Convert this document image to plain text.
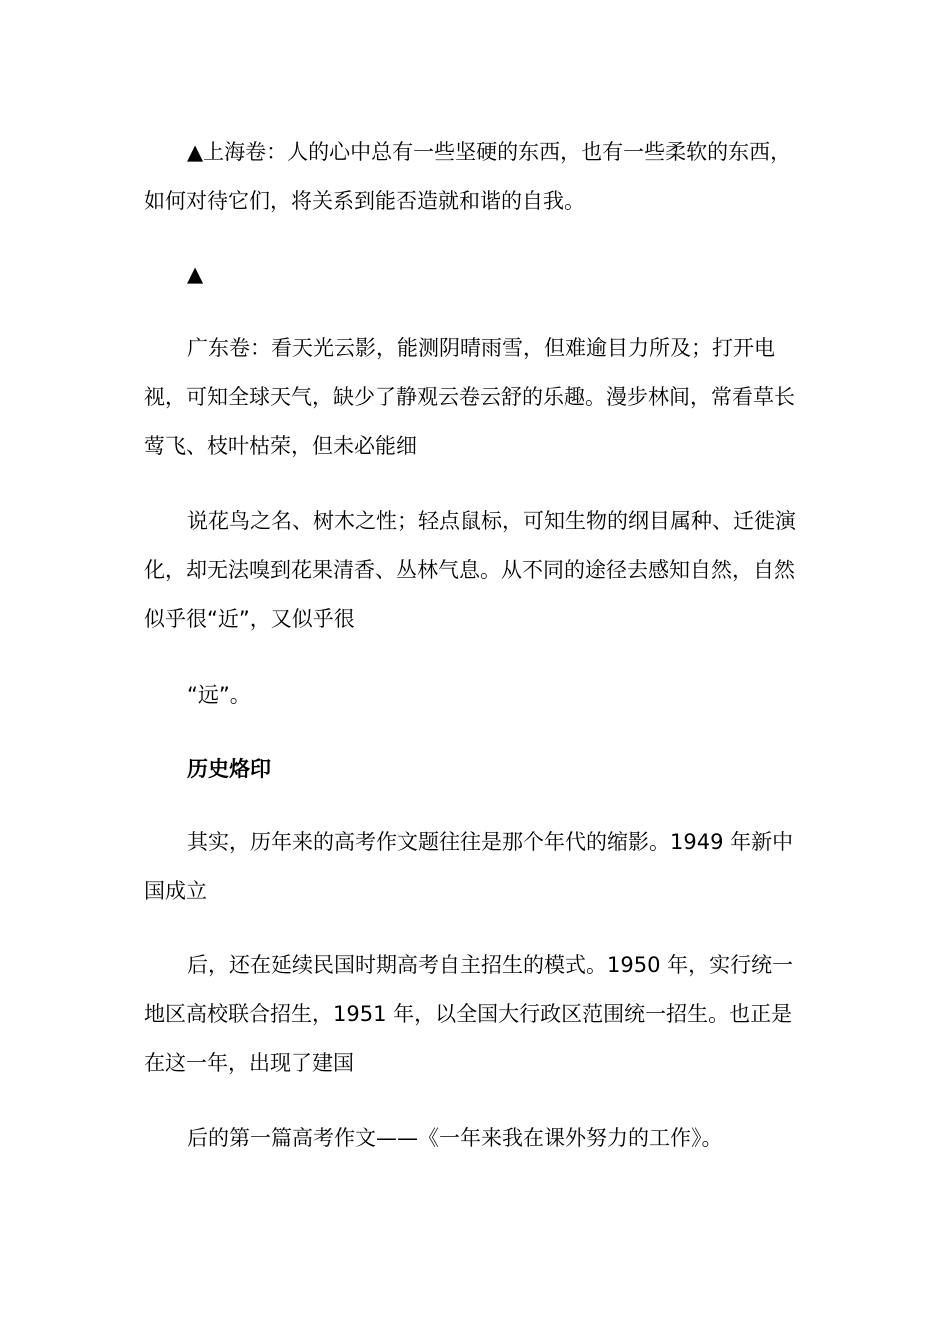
▲上海卷：人的心中总有一些坚硬的东西，也有一些柔软的东西，如何对待它们，将关系到能否造就和谐的自我。

▲

广东卷：看天光云影，能测阴晴雨雪，但难逾目力所及；打开电视，可知全球天气，缺少了静观云卷云舒的乐趣。漫步林间，常看草长莺飞、枝叶枯荣，但未必能细

说花鸟之名、树木之性；轻点鼠标，可知生物的纲目属种、迁徙演化，却无法嗅到花果清香、丛林气息。从不同的途径去感知自然，自然似乎很“近”，又似乎很

“远”。

历史烙印

其实，历年来的高考作文题往往是那个年代的缩影。1949 年新中国成立

后，还在延续民国时期高考自主招生的模式。1950 年，实行统一地区高校联合招生，1951 年，以全国大行政区范围统一招生。也正是在这一年，出现了建国

后的第一篇高考作文——《一年来我在课外努力的工作》。
